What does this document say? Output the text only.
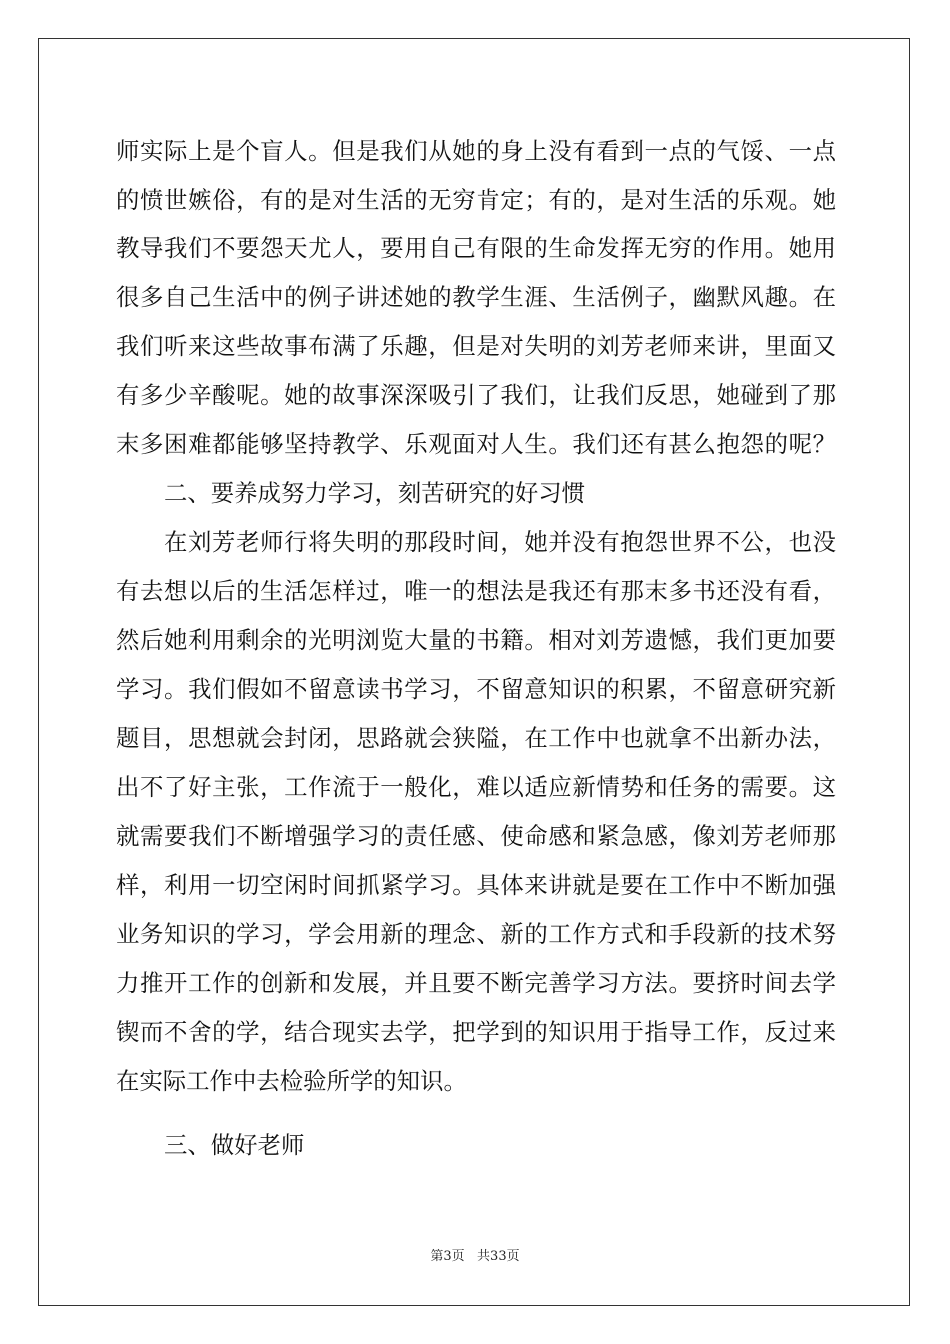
师实际上是个盲人。但是我们从她的身上没有看到一点的气馁、一点
的愤世嫉俗，有的是对生活的无穷肯定；有的，是对生活的乐观。她
教导我们不要怨天尤人，要用自己有限的生命发挥无穷的作用。她用
很多自己生活中的例子讲述她的教学生涯、生活例子，幽默风趣。在
我们听来这些故事布满了乐趣，但是对失明的刘芳老师来讲，里面又
有多少辛酸呢。她的故事深深吸引了我们，让我们反思，她碰到了那
末多困难都能够坚持教学、乐观面对人生。我们还有甚么抱怨的呢？
二、要养成努力学习，刻苦研究的好习惯
在刘芳老师行将失明的那段时间，她并没有抱怨世界不公，也没
有去想以后的生活怎样过，唯一的想法是我还有那末多书还没有看，
然后她利用剩余的光明浏览大量的书籍。相对刘芳遗憾，我们更加要
学习。我们假如不留意读书学习，不留意知识的积累，不留意研究新
题目，思想就会封闭，思路就会狭隘，在工作中也就拿不出新办法，
出不了好主张，工作流于一般化，难以适应新情势和任务的需要。这
就需要我们不断增强学习的责任感、使命感和紧急感，像刘芳老师那
样，利用一切空闲时间抓紧学习。具体来讲就是要在工作中不断加强
业务知识的学习，学会用新的理念、新的工作方式和手段新的技术努
力推开工作的创新和发展，并且要不断完善学习方法。要挤时间去学
锲而不舍的学，结合现实去学，把学到的知识用于指导工作，反过来
在实际工作中去检验所学的知识。
三、做好老师
第3页   共33页
